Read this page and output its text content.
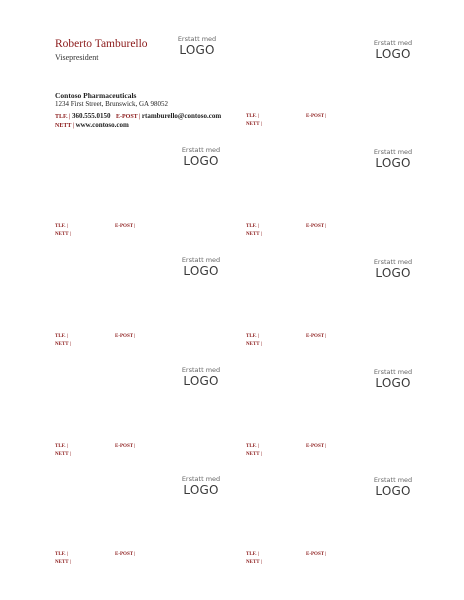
Roberto Tamburello
Visepresident
Erstatt med
LOGO
Contoso Pharmaceuticals
1234 First Street, Brunswick, GA 98052
TLF. | 360.555.0150 E-POST | rtamburello@contoso.com
NETT | www.contoso.com
Erstatt med
LOGO
TLF. |	E-POST |
NETT |
Erstatt med
LOGO
TLF. |	E-POST |
NETT |
Erstatt med
LOGO
TLF. |	E-POST |
NETT |
Erstatt med
LOGO
TLF. |	E-POST |
NETT |
Erstatt med
LOGO
TLF. |	E-POST |
NETT |
Erstatt med
LOGO
TLF. |	E-POST |
NETT |
Erstatt med
LOGO
TLF. |	E-POST |
NETT |
Erstatt med
LOGO
TLF. |	E-POST |
NETT |
Erstatt med
LOGO
TLF. |	E-POST |
NETT |
